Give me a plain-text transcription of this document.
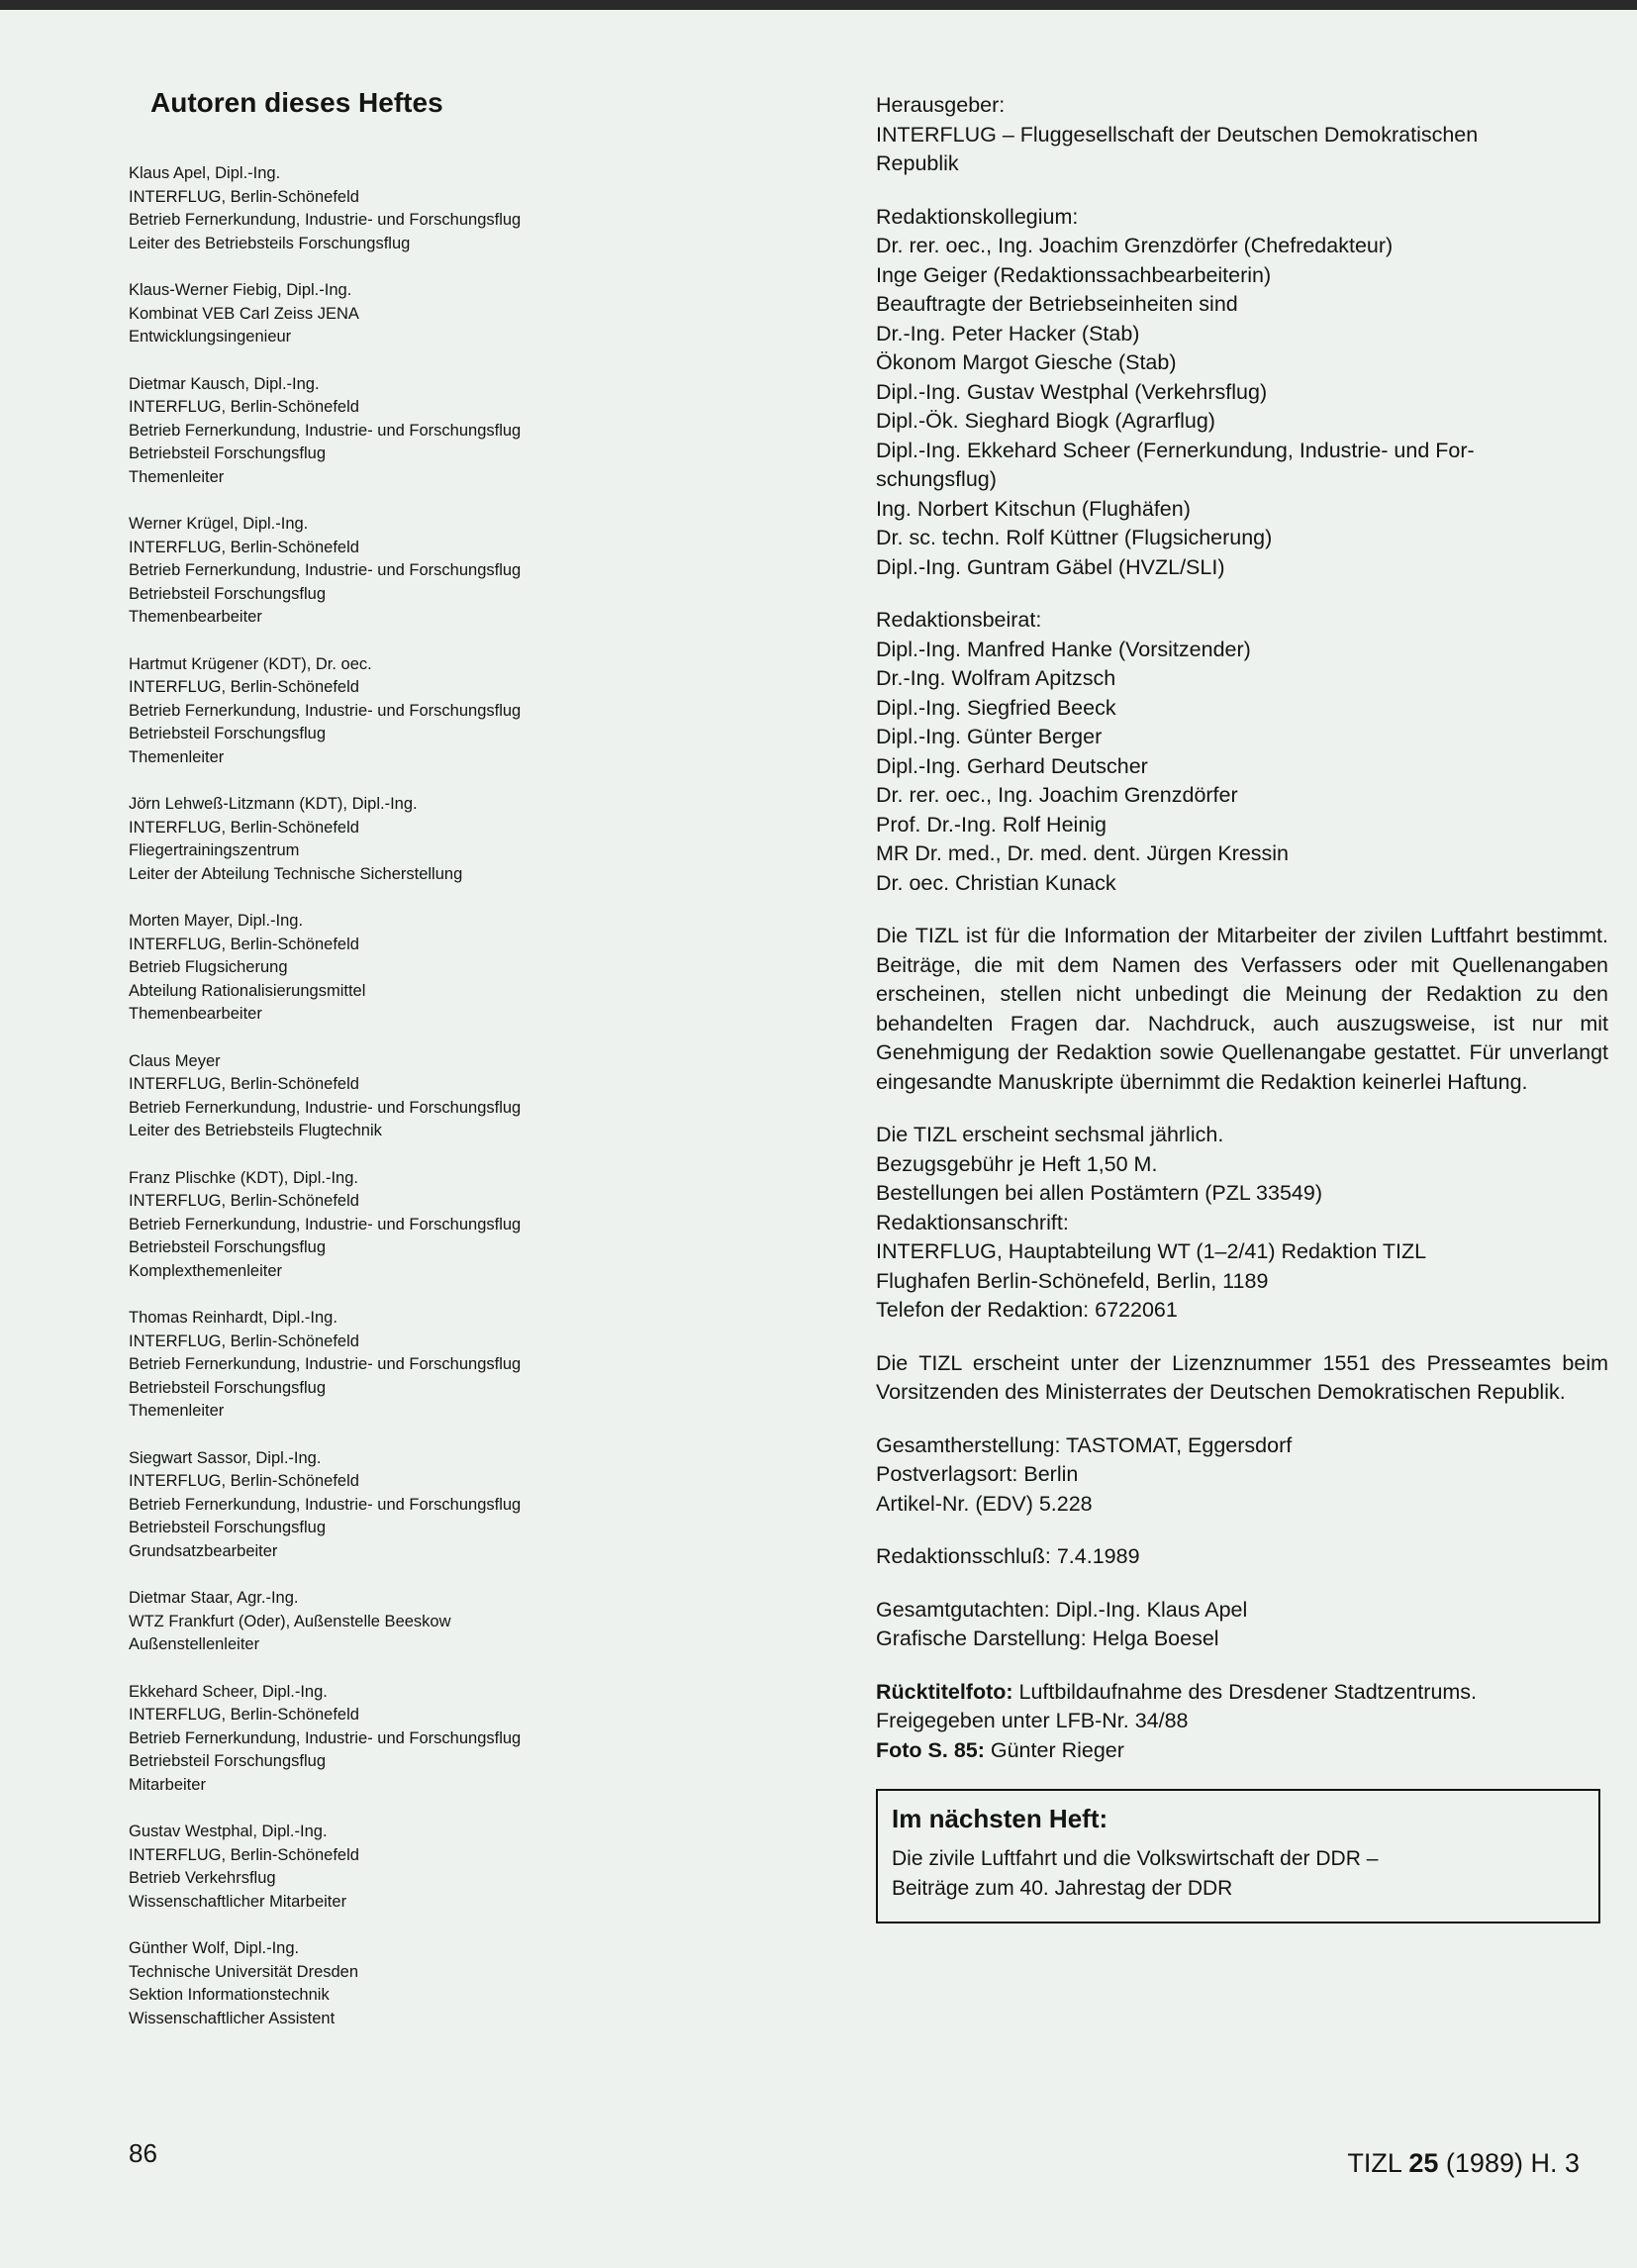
Autoren dieses Heftes
Klaus Apel, Dipl.-Ing.
INTERFLUG, Berlin-Schönefeld
Betrieb Fernerkundung, Industrie- und Forschungsflug
Leiter des Betriebsteils Forschungsflug
Klaus-Werner Fiebig, Dipl.-Ing.
Kombinat VEB Carl Zeiss JENA
Entwicklungsingenieur
Dietmar Kausch, Dipl.-Ing.
INTERFLUG, Berlin-Schönefeld
Betrieb Fernerkundung, Industrie- und Forschungsflug
Betriebsteil Forschungsflug
Themenleiter
Werner Krügel, Dipl.-Ing.
INTERFLUG, Berlin-Schönefeld
Betrieb Fernerkundung, Industrie- und Forschungsflug
Betriebsteil Forschungsflug
Themenbearbeiter
Hartmut Krügener (KDT), Dr. oec.
INTERFLUG, Berlin-Schönefeld
Betrieb Fernerkundung, Industrie- und Forschungsflug
Betriebsteil Forschungsflug
Themenleiter
Jörn Lehweß-Litzmann (KDT), Dipl.-Ing.
INTERFLUG, Berlin-Schönefeld
Fliegertrainingszentrum
Leiter der Abteilung Technische Sicherstellung
Morten Mayer, Dipl.-Ing.
INTERFLUG, Berlin-Schönefeld
Betrieb Flugsicherung
Abteilung Rationalisierungsmittel
Themenbearbeiter
Claus Meyer
INTERFLUG, Berlin-Schönefeld
Betrieb Fernerkundung, Industrie- und Forschungsflug
Leiter des Betriebsteils Flugtechnik
Franz Plischke (KDT), Dipl.-Ing.
INTERFLUG, Berlin-Schönefeld
Betrieb Fernerkundung, Industrie- und Forschungsflug
Betriebsteil Forschungsflug
Komplexthemenleiter
Thomas Reinhardt, Dipl.-Ing.
INTERFLUG, Berlin-Schönefeld
Betrieb Fernerkundung, Industrie- und Forschungsflug
Betriebsteil Forschungsflug
Themenleiter
Siegwart Sassor, Dipl.-Ing.
INTERFLUG, Berlin-Schönefeld
Betrieb Fernerkundung, Industrie- und Forschungsflug
Betriebsteil Forschungsflug
Grundsatzbearbeiter
Dietmar Staar, Agr.-Ing.
WTZ Frankfurt (Oder), Außenstelle Beeskow
Außenstellenleiter
Ekkehard Scheer, Dipl.-Ing.
INTERFLUG, Berlin-Schönefeld
Betrieb Fernerkundung, Industrie- und Forschungsflug
Betriebsteil Forschungsflug
Mitarbeiter
Gustav Westphal, Dipl.-Ing.
INTERFLUG, Berlin-Schönefeld
Betrieb Verkehrsflug
Wissenschaftlicher Mitarbeiter
Günther Wolf, Dipl.-Ing.
Technische Universität Dresden
Sektion Informationstechnik
Wissenschaftlicher Assistent
Herausgeber:
INTERFLUG – Fluggesellschaft der Deutschen Demokratischen
Republik
Redaktionskollegium:
Dr. rer. oec., Ing. Joachim Grenzdörfer (Chefredakteur)
Inge Geiger (Redaktionssachbearbeiterin)
Beauftragte der Betriebseinheiten sind
Dr.-Ing. Peter Hacker (Stab)
Ökonom Margot Giesche (Stab)
Dipl.-Ing. Gustav Westphal (Verkehrsflug)
Dipl.-Ök. Sieghard Biogk (Agrarflug)
Dipl.-Ing. Ekkehard Scheer (Fernerkundung, Industrie- und For-
schungsflug)
Ing. Norbert Kitschun (Flughäfen)
Dr. sc. techn. Rolf Küttner (Flugsicherung)
Dipl.-Ing. Guntram Gäbel (HVZL/SLI)
Redaktionsbeirat:
Dipl.-Ing. Manfred Hanke (Vorsitzender)
Dr.-Ing. Wolfram Apitzsch
Dipl.-Ing. Siegfried Beeck
Dipl.-Ing. Günter Berger
Dipl.-Ing. Gerhard Deutscher
Dr. rer. oec., Ing. Joachim Grenzdörfer
Prof. Dr.-Ing. Rolf Heinig
MR Dr. med., Dr. med. dent. Jürgen Kressin
Dr. oec. Christian Kunack
Die TIZL ist für die Information der Mitarbeiter der zivilen Luftfahrt bestimmt. Beiträge, die mit dem Namen des Verfassers oder mit Quellenangaben erscheinen, stellen nicht unbedingt die Meinung der Redaktion zu den behandelten Fragen dar. Nachdruck, auch auszugsweise, ist nur mit Genehmigung der Redaktion sowie Quellenangabe gestattet. Für unverlangt eingesandte Manuskripte übernimmt die Redaktion keinerlei Haftung.
Die TIZL erscheint sechsmal jährlich.
Bezugsgebühr je Heft 1,50 M.
Bestellungen bei allen Postämtern (PZL 33549)
Redaktionsanschrift:
INTERFLUG, Hauptabteilung WT (1–2/41) Redaktion TIZL
Flughafen Berlin-Schönefeld, Berlin, 1189
Telefon der Redaktion: 6722061
Die TIZL erscheint unter der Lizenznummer 1551 des Presseamtes beim Vorsitzenden des Ministerrates der Deutschen Demokratischen Republik.
Gesamtherstellung: TASTOMAT, Eggersdorf
Postverlagsort: Berlin
Artikel-Nr. (EDV) 5.228
Redaktionsschluß: 7.4.1989
Gesamtgutachten: Dipl.-Ing. Klaus Apel
Grafische Darstellung: Helga Boesel
Rücktitelfoto: Luftbildaufnahme des Dresdener Stadtzentrums.
Freigegeben unter LFB-Nr. 34/88
Foto S. 85: Günter Rieger
Im nächsten Heft:
Die zivile Luftfahrt und die Volkswirtschaft der DDR –
Beiträge zum 40. Jahrestag der DDR
86	TIZL 25 (1989) H. 3
